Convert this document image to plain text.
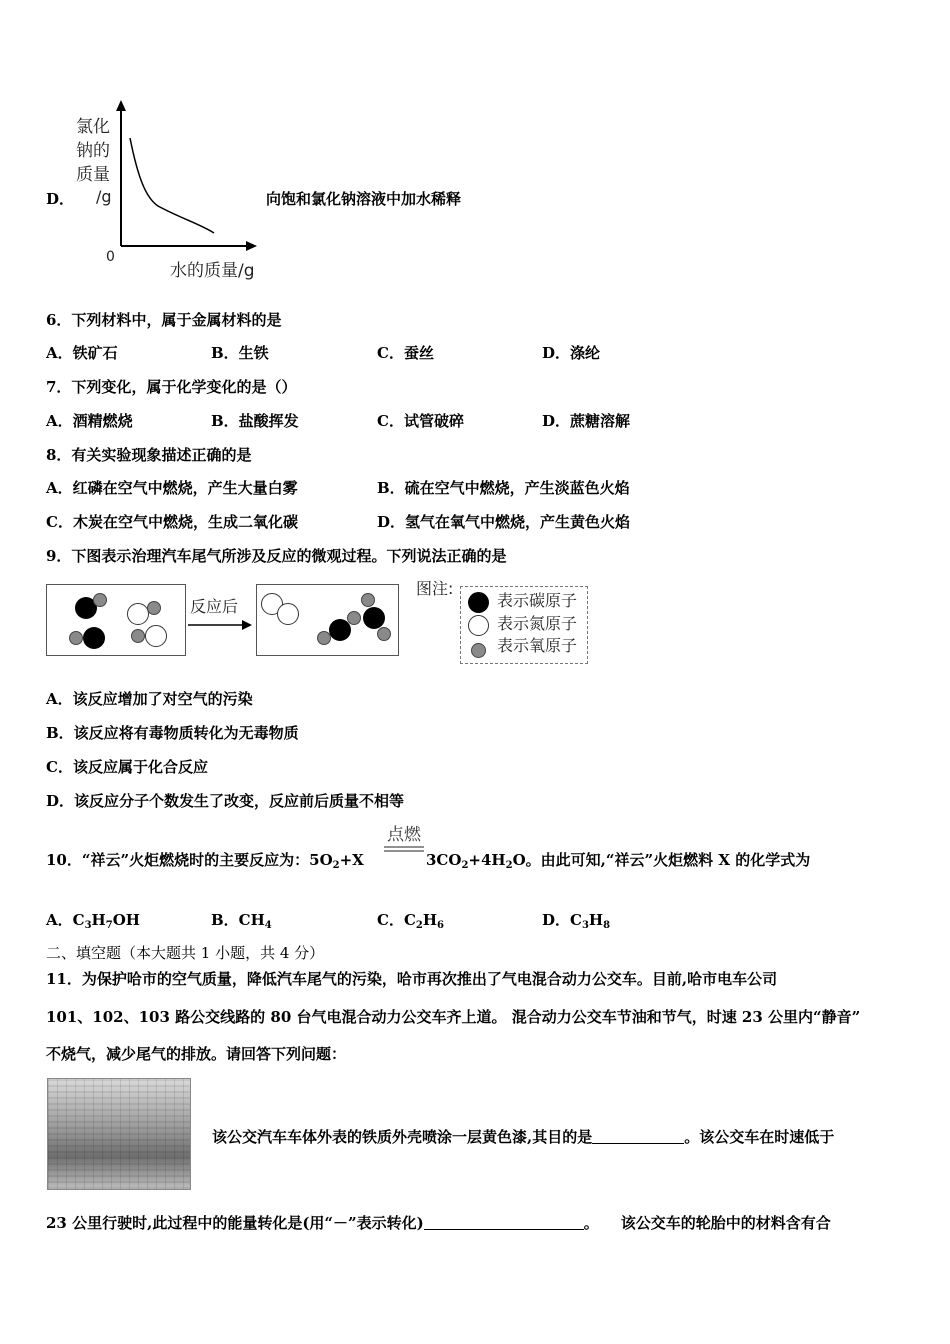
氯化
钠的
质量
/g
0
水的质量/g
D．	向饱和氯化钠溶液中加水稀释
6．下列材料中，属于金属材料的是
A．铁矿石	B．生铁	C．蚕丝	D．涤纶
7．下列变化，属于化学变化的是（）
A．酒精燃烧	B．盐酸挥发	C．试管破碎	D．蔗糖溶解
8．有关实验现象描述正确的是
A．红磷在空气中燃烧，产生大量白雾	B．硫在空气中燃烧，产生淡蓝色火焰
C．木炭在空气中燃烧，生成二氧化碳	D．氢气在氧气中燃烧，产生黄色火焰
9．下图表示治理汽车尾气所涉及反应的微观过程。下列说法正确的是
反应后
图注:
表示碳原子
表示氮原子
表示氧原子
A．该反应增加了对空气的污染
B．该反应将有毒物质转化为无毒物质
C．该反应属于化合反应
D．该反应分子个数发生了改变，反应前后质量不相等
点燃
10．“祥云”火炬燃烧时的主要反应为：$5O_2+X$	$3CO_2+4H_2O$。由此可知,“祥云”火炬燃料 X 的化学式为
A．$C_3H_7OH$	B．$CH_4$	C．$C_2H_6$	D．$C_3H_8$
二、填空题（本大题共 1 小题，共 4 分）
11．为保护哈市的空气质量，降低汽车尾气的污染，哈市再次推出了气电混合动力公交车。目前,哈市电车公司
101、102、103 路公交线路的 80 台气电混合动力公交车齐上道。 混合动力公交车节油和节气，时速 23 公里内“静音”
不烧气，减少尾气的排放。请回答下列问题：
该公交汽车车体外表的铁质外壳喷涂一层黄色漆,其目的是	。该公交车在时速低于
23 公里行驶时,此过程中的能量转化是(用“－”表示转化)	。 该公交车的轮胎中的材料含有合
